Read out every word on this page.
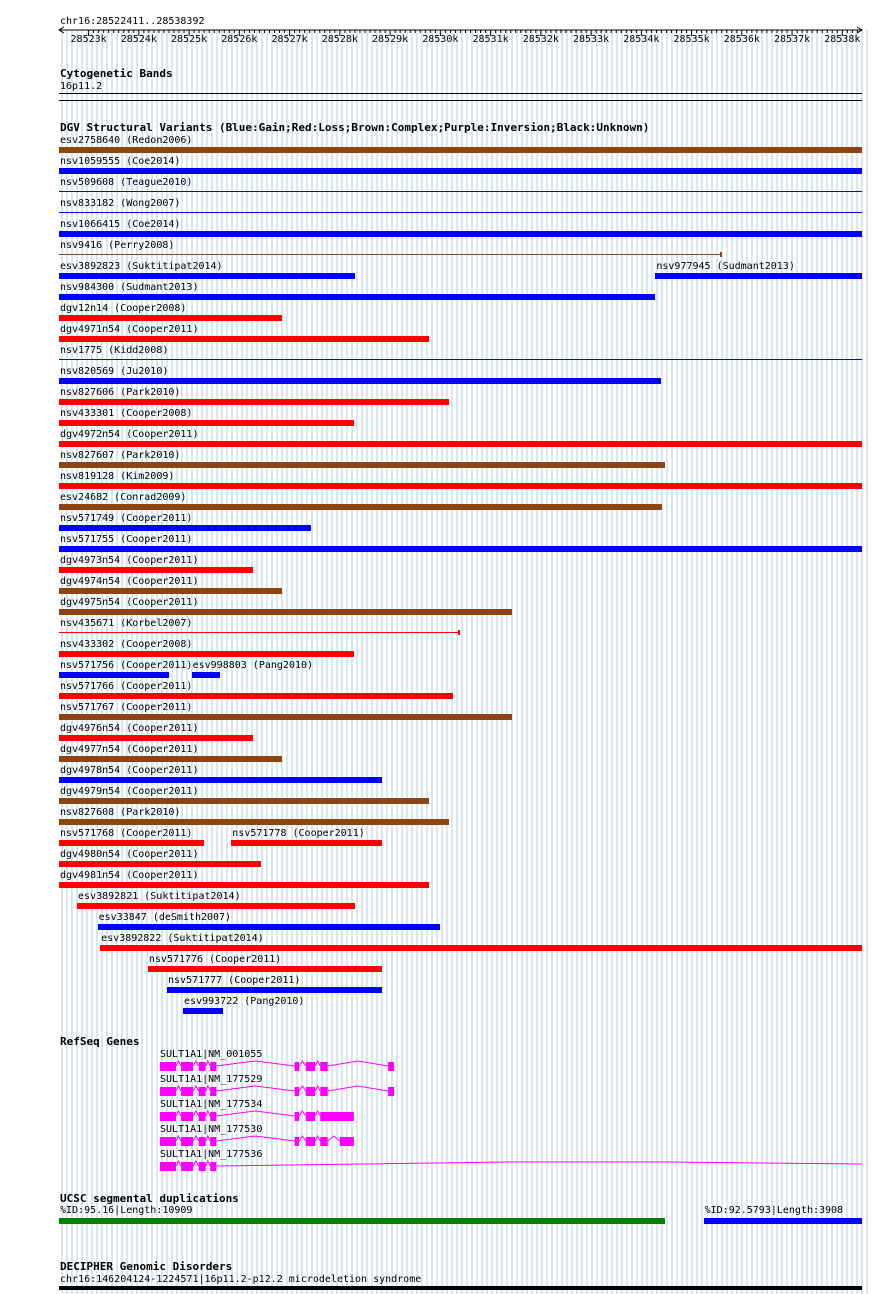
chr16:28522411..28538392
28523k 28524k 28525k 28526k 28527k 28528k 28529k 28530k 28531k 28532k 28533k 28534k 28535k 28536k 28537k 28538k
Cytogenetic Bands
16p11.2
DGV Structural Variants (Blue:Gain;Red:Loss;Brown:Complex;Purple:Inversion;Black:Unknown)
esv2758640 (Redon2006)
nsv1059555 (Coe2014)
nsv509608 (Teague2010)
nsv833182 (Wong2007)
nsv1066415 (Coe2014)
nsv9416 (Perry2008)
esv3892823 (Suktitipat2014)	nsv977945 (Sudmant2013)
nsv984300 (Sudmant2013)
dgv12n14 (Cooper2008)
dgv4971n54 (Cooper2011)
nsv1775 (Kidd2008)
nsv820569 (Ju2010)
nsv827606 (Park2010)
nsv433301 (Cooper2008)
dgv4972n54 (Cooper2011)
nsv827607 (Park2010)
nsv819128 (Kim2009)
esv24682 (Conrad2009)
nsv571749 (Cooper2011)
nsv571755 (Cooper2011)
dgv4973n54 (Cooper2011)
dgv4974n54 (Cooper2011)
dgv4975n54 (Cooper2011)
nsv435671 (Korbel2007)
nsv433302 (Cooper2008)
nsv571756 (Cooper2011) esv998803 (Pang2010)
nsv571766 (Cooper2011)
nsv571767 (Cooper2011)
dgv4976n54 (Cooper2011)
dgv4977n54 (Cooper2011)
dgv4978n54 (Cooper2011)
dgv4979n54 (Cooper2011)
nsv827608 (Park2010)
nsv571768 (Cooper2011)	nsv571778 (Cooper2011)
dgv4980n54 (Cooper2011)
dgv4981n54 (Cooper2011)
esv3892821 (Suktitipat2014)
esv33847 (deSmith2007)
esv3892822 (Suktitipat2014)
nsv571776 (Cooper2011)
nsv571777 (Cooper2011)
esv993722 (Pang2010)
RefSeq Genes
SULT1A1|NM_001055
SULT1A1|NM_177529
SULT1A1|NM_177534
SULT1A1|NM_177530
SULT1A1|NM_177536
UCSC segmental duplications
%ID:95.16|Length:10909	%ID:92.5793|Length:3908
DECIPHER Genomic Disorders
chr16:146204124-1224571|16p11.2-p12.2 microdeletion syndrome
